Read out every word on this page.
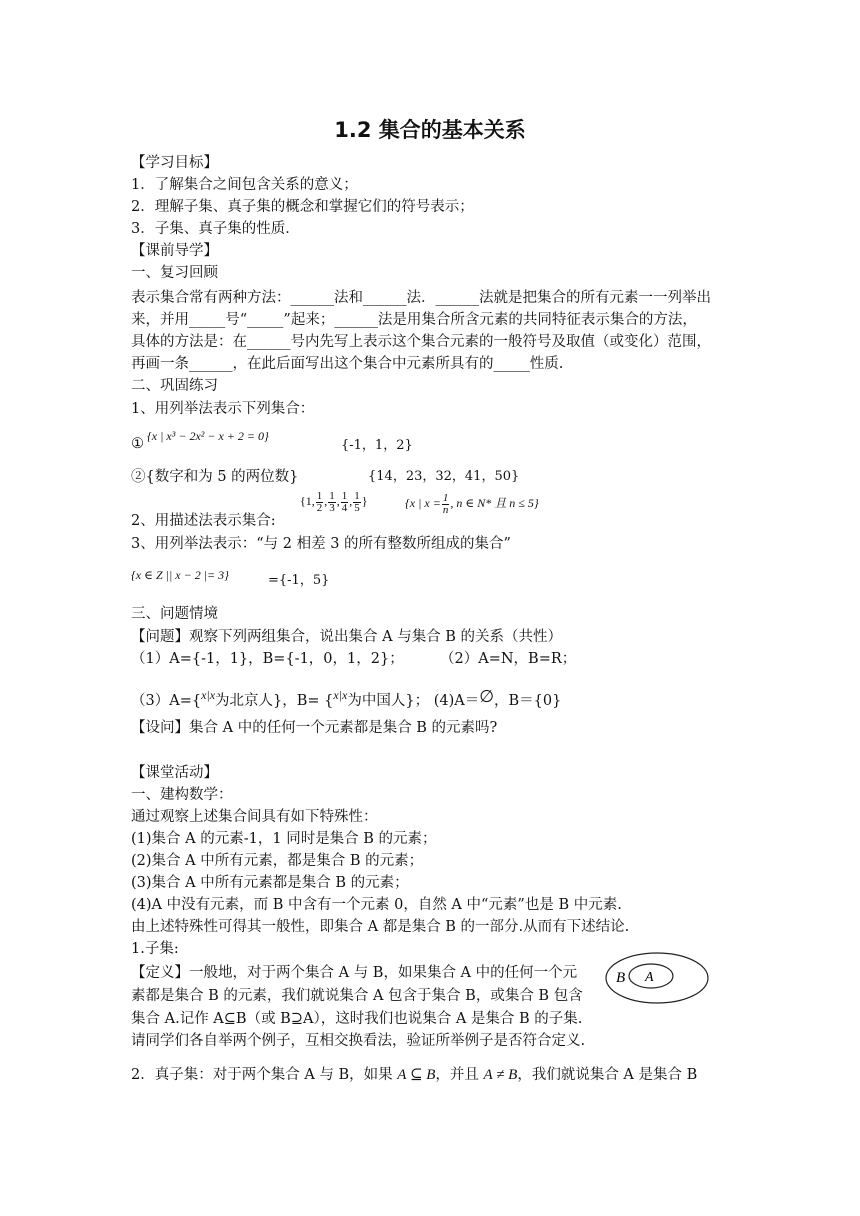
1.2 集合的基本关系
【学习目标】
1．了解集合之间包含关系的意义；
2．理解子集、真子集的概念和掌握它们的符号表示；
3．子集、真子集的性质．
【课前导学】
一、复习回顾
表示集合常有两种方法：______法和______法．______法就是把集合的所有元素一一列举出
来，并用_____号“_____”起来；______法是用集合所含元素的共同特征表示集合的方法，
具体的方法是：在______号内先写上表示这个集合元素的一般符号及取值（或变化）范围，
再画一条______，在此后面写出这个集合中元素所具有的_____性质.
二、巩固练习
1、用列举法表示下列集合：
① {x | x³ − 2x² − x + 2 = 0}
{-1，1，2}
②{数字和为 5 的两位数}	{14，23，32，41，50}
2、用描述法表示集合:
{1, $\frac{1}{2}$ , $\frac{1}{3}$ , $\frac{1}{4}$ , $\frac{1}{5}$ }	{x | $x = \frac{1}{n}$ , n ∈ N* 且 n ≤ 5}
3、用列举法表示：“与 2 相差 3 的所有整数所组成的集合”
{x ∈ Z || x − 2 |= 3}	={-1，5}
三、问题情境
【问题】观察下列两组集合，说出集合 A 与集合 B 的关系（共性）
（1）A={-1，1}，B={-1，0，1，2}；	（2）A=N，B=R；
（3）A={$^{x|x}$为北京人}，B= {$^{x|x}$为中国人}； (4)A＝∅，B＝{0}
【设问】集合 A 中的任何一个元素都是集合 B 的元素吗?
【课堂活动】
一、建构数学：
通过观察上述集合间具有如下特殊性：
(1)集合 A 的元素-1，1 同时是集合 B 的元素；
(2)集合 A 中所有元素，都是集合 B 的元素；
(3)集合 A 中所有元素都是集合 B 的元素；
(4)A 中没有元素，而 B 中含有一个元素 0，自然 A 中“元素”也是 B 中元素.
由上述特殊性可得其一般性，即集合 A 都是集合 B 的一部分.从而有下述结论.
1.子集:
【定义】一般地，对于两个集合 A 与 B，如果集合 A 中的任何一个元
素都是集合 B 的元素，我们就说集合 A 包含于集合 B，或集合 B 包含
集合 A.记作 A⊆B（或 B⊇A），这时我们也说集合 A 是集合 B 的子集.
请同学们各自举两个例子，互相交换看法，验证所举例子是否符合定义.
2．真子集：对于两个集合 A 与 B，如果 A ⊆ B，并且 A ≠ B，我们就说集合 A 是集合 B
B A
